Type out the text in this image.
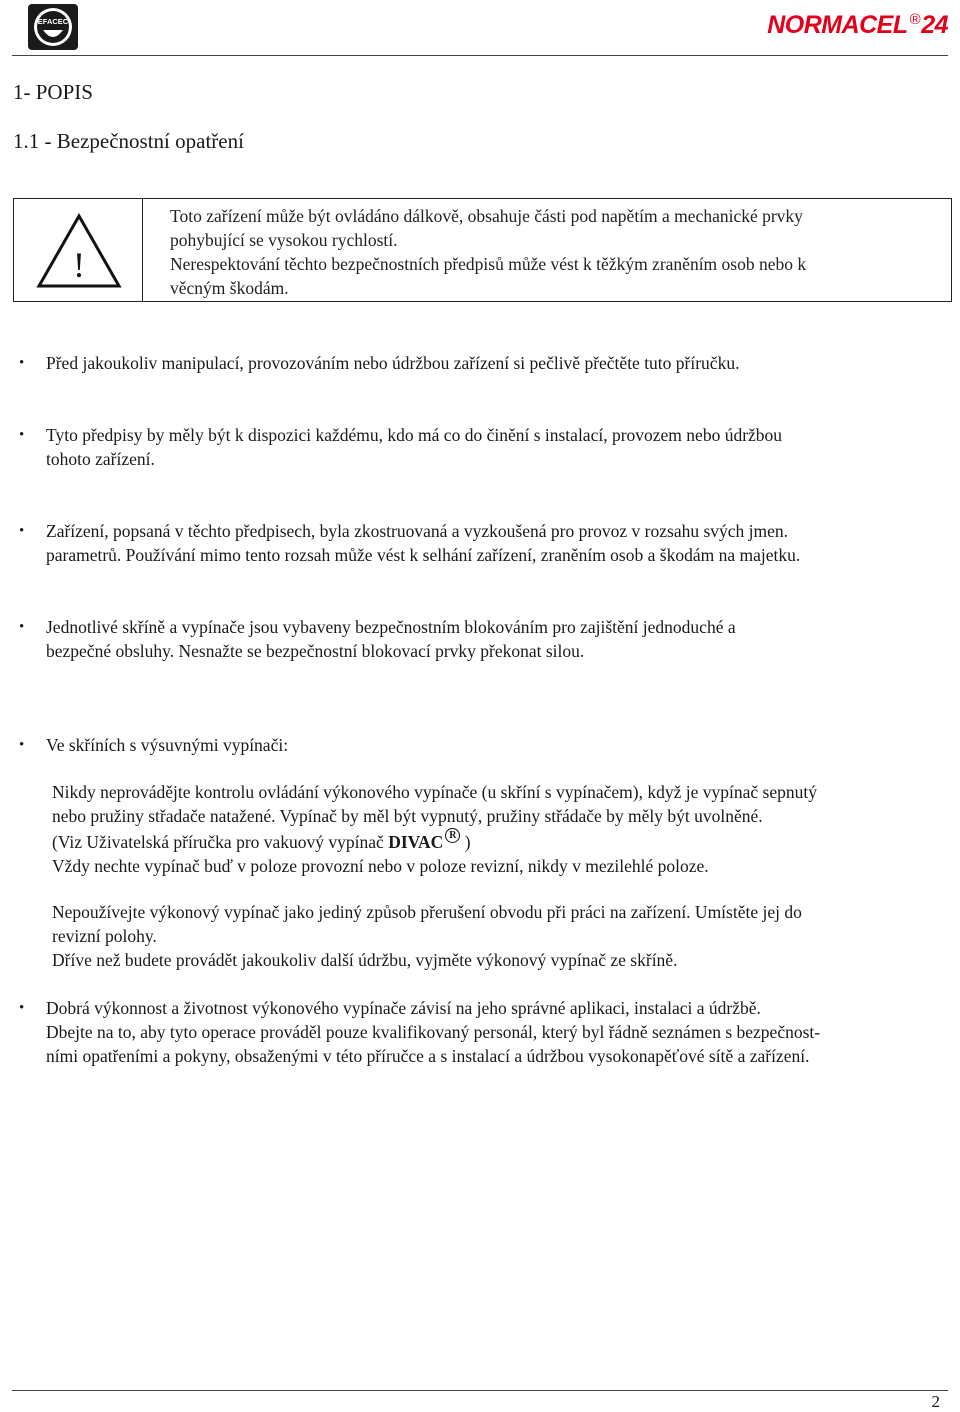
EFACEC	NORMACEL ®24
1- POPIS
1.1 - Bezpečnostní opatření
!
Toto zařízení může být ovládáno dálkově, obsahuje části pod napětím a mechanické prvky
pohybující se vysokou rychlostí.
Nerespektování těchto bezpečnostních předpisů může vést k těžkým zraněním osob nebo k
věcným škodám.
• Před jakoukoliv manipulací, provozováním nebo údržbou zařízení si pečlivě přečtěte tuto příručku.
• Tyto předpisy by měly být k dispozici každému, kdo má co do činění s instalací, provozem nebo údržbou
tohoto zařízení.
• Zařízení, popsaná v těchto předpisech, byla zkostruovaná a vyzkoušená pro provoz v rozsahu svých jmen.
parametrů. Používání mimo tento rozsah může vést k selhání zařízení, zraněním osob a škodám na majetku.
• Jednotlivé skříně a vypínače jsou vybaveny bezpečnostním blokováním pro zajištění jednoduché a
bezpečné obsluhy. Nesnažte se bezpečnostní blokovací prvky překonat silou.
• Ve skříních s výsuvnými vypínači:
Nikdy neprovádějte kontrolu ovládání výkonového vypínače (u skříní s vypínačem), když je vypínač sepnutý
nebo pružiny střadače natažené. Vypínač by měl být vypnutý, pružiny střádače by měly být uvolněné.
(Viz Uživatelská příručka pro vakuový vypínač DIVAC R )
Vždy nechte vypínač buď v poloze provozní nebo v poloze revizní, nikdy v mezilehlé poloze.
Nepoužívejte výkonový vypínač jako jediný způsob přerušení obvodu při práci na zařízení. Umístěte jej do
revizní polohy.
Dříve než budete provádět jakoukoliv další údržbu, vyjměte výkonový vypínač ze skříně.
• Dobrá výkonnost a životnost výkonového vypínače závisí na jeho správné aplikaci, instalaci a údržbě.
Dbejte na to, aby tyto operace prováděl pouze kvalifikovaný personál, který byl řádně seznámen s bezpečnost-
ními opatřeními a pokyny, obsaženými v této příručce a s instalací a údržbou vysokonapěťové sítě a zařízení.
2
